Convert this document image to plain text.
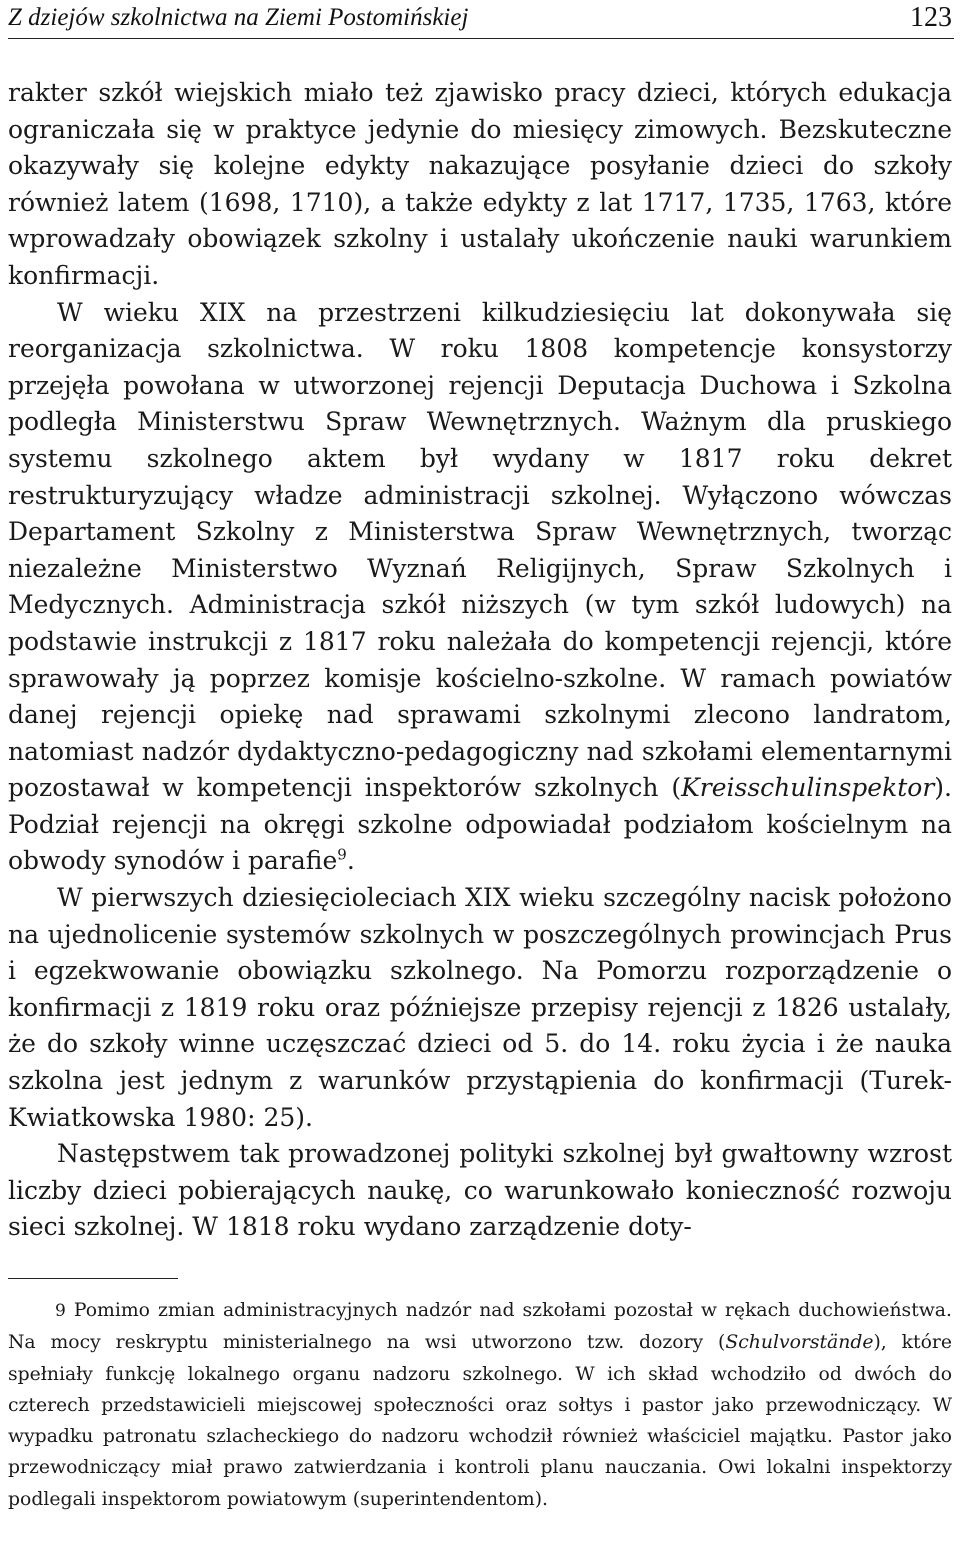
Z dziejów szkolnictwa na Ziemi Postomińskiej	123

rakter szkół wiejskich miało też zjawisko pracy dzieci, których edukacja ograniczała się w praktyce jedynie do miesięcy zimowych. Bezskuteczne okazywały się kolejne edykty nakazujące posyłanie dzieci do szkoły również latem (1698, 1710), a także edykty z lat 1717, 1735, 1763, które wprowadzały obowiązek szkolny i ustalały ukończenie nauki warunkiem konfirmacji.

W wieku XIX na przestrzeni kilkudziesięciu lat dokonywała się reorganizacja szkolnictwa. W roku 1808 kompetencje konsystorzy przejęła powołana w utworzonej rejencji Deputacja Duchowa i Szkolna podległa Ministerstwu Spraw Wewnętrznych. Ważnym dla pruskiego systemu szkolnego aktem był wydany w 1817 roku dekret restrukturyzujący władze administracji szkolnej. Wyłączono wówczas Departament Szkolny z Ministerstwa Spraw Wewnętrznych, tworząc niezależne Ministerstwo Wyznań Religijnych, Spraw Szkolnych i Medycznych. Administracja szkół niższych (w tym szkół ludowych) na podstawie instrukcji z 1817 roku należała do kompetencji rejencji, które sprawowały ją poprzez komisje kościelno-szkolne. W ramach powiatów danej rejencji opiekę nad sprawami szkolnymi zlecono landratom, natomiast nadzór dydaktyczno-pedagogiczny nad szkołami elementarnymi pozostawał w kompetencji inspektorów szkolnych (Kreisschulinspektor). Podział rejencji na okręgi szkolne odpowiadał podziałom kościelnym na obwody synodów i parafie$^9$.

W pierwszych dziesięcioleciach XIX wieku szczególny nacisk położono na ujednolicenie systemów szkolnych w poszczególnych prowincjach Prus i egzekwowanie obowiązku szkolnego. Na Pomorzu rozporządzenie o konfirmacji z 1819 roku oraz późniejsze przepisy rejencji z 1826 ustalały, że do szkoły winne uczęszczać dzieci od 5. do 14. roku życia i że nauka szkolna jest jednym z warunków przystąpienia do konfirmacji (Turek-Kwiatkowska 1980: 25).

Następstwem tak prowadzonej polityki szkolnej był gwałtowny wzrost liczby dzieci pobierających naukę, co warunkowało konieczność rozwoju sieci szkolnej. W 1818 roku wydano zarządzenie doty-

9 Pomimo zmian administracyjnych nadzór nad szkołami pozostał w rękach duchowieństwa. Na mocy reskryptu ministerialnego na wsi utworzono tzw. dozory (Schulvorstände), które spełniały funkcję lokalnego organu nadzoru szkolnego. W ich skład wchodziło od dwóch do czterech przedstawicieli miejscowej społeczności oraz sołtys i pastor jako przewodniczący. W wypadku patronatu szlacheckiego do nadzoru wchodził również właściciel majątku. Pastor jako przewodniczący miał prawo zatwierdzania i kontroli planu nauczania. Owi lokalni inspektorzy podlegali inspektorom powiatowym (superintendentom).
